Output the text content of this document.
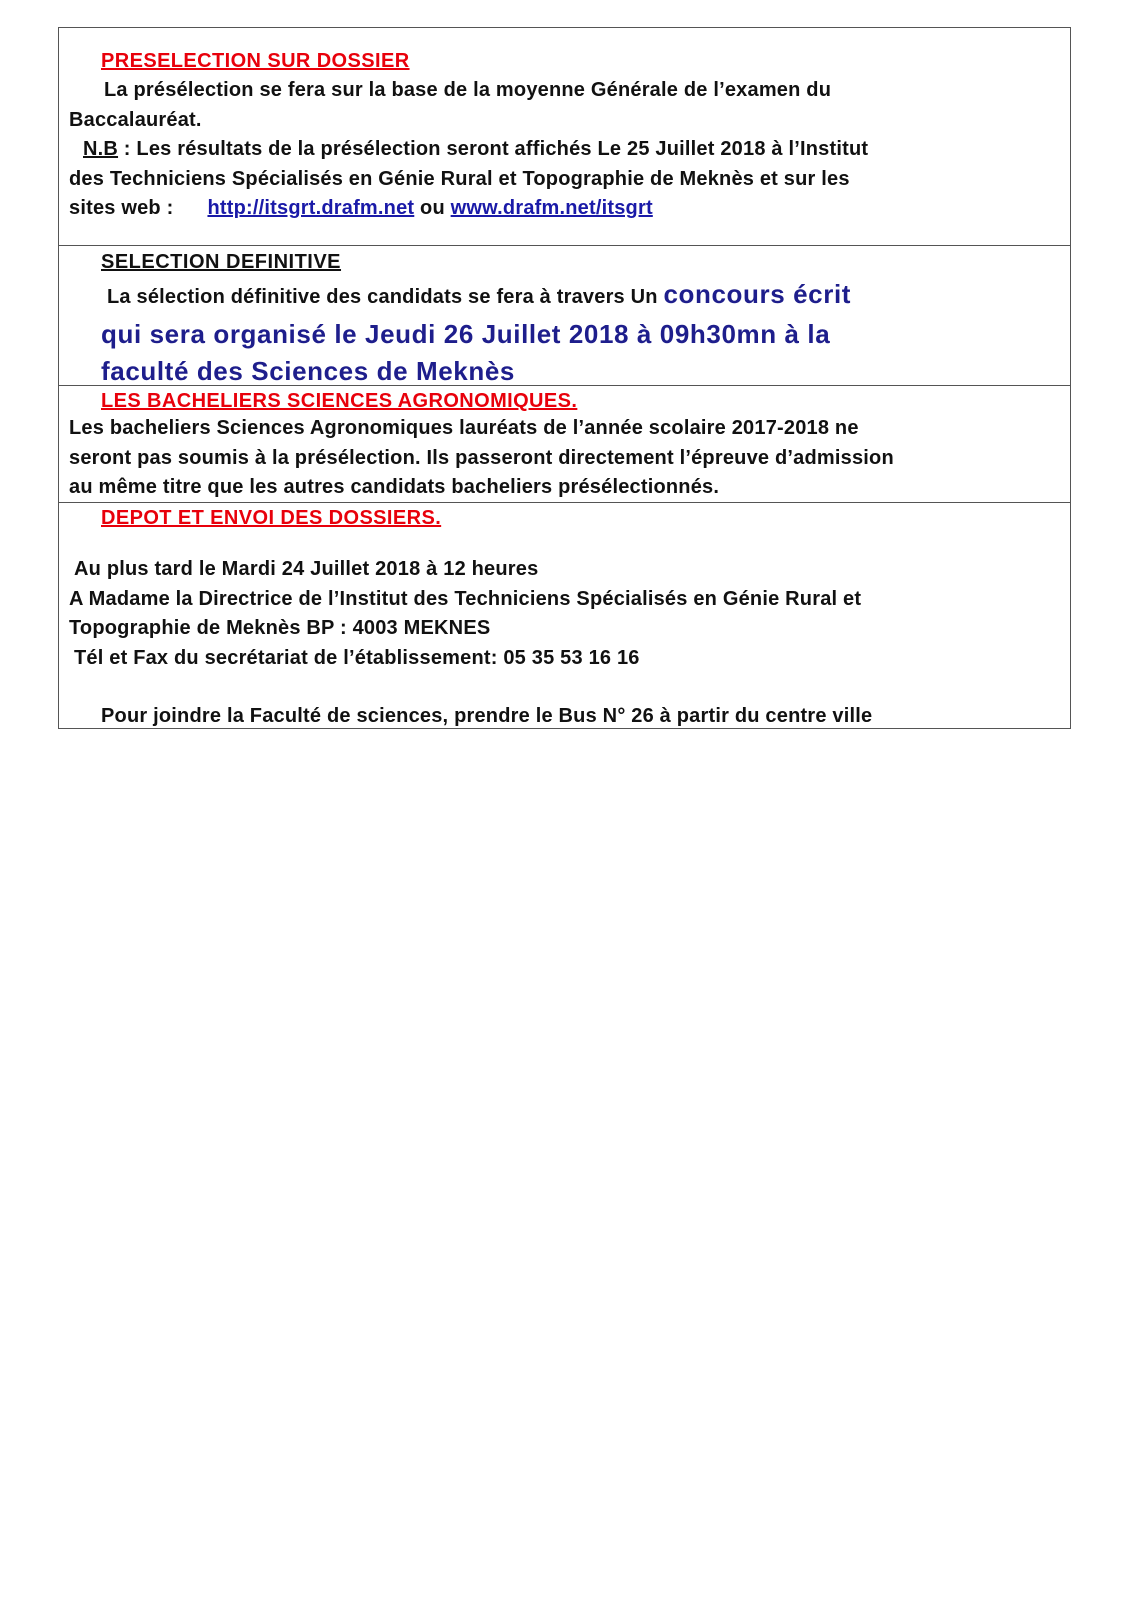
PRESELECTION SUR DOSSIER
La présélection se fera sur la base de la moyenne Générale de l’examen du
Baccalauréat.
N.B : Les résultats de la présélection seront affichés Le 25 Juillet 2018 à l’Institut
des Techniciens Spécialisés en Génie Rural et Topographie de Meknès et sur les
sites web : http://itsgrt.drafm.net ou www.drafm.net/itsgrt
SELECTION DEFINITIVE
La sélection définitive des candidats se fera à travers Un concours écrit
qui sera organisé le Jeudi 26 Juillet 2018 à 09h30mn à la
faculté des Sciences de Meknès
LES BACHELIERS SCIENCES AGRONOMIQUES.
Les bacheliers Sciences Agronomiques lauréats de l’année scolaire 2017-2018 ne
seront pas soumis à la présélection. Ils passeront directement l’épreuve d’admission
au même titre que les autres candidats bacheliers présélectionnés.
DEPOT ET ENVOI DES DOSSIERS.
Au plus tard le Mardi 24 Juillet 2018 à 12 heures
A Madame la Directrice de l’Institut des Techniciens Spécialisés en Génie Rural et
Topographie de Meknès BP : 4003 MEKNES
Tél et Fax du secrétariat de l’établissement: 05 35 53 16 16
Pour joindre la Faculté de sciences, prendre le Bus N° 26 à partir du centre ville
